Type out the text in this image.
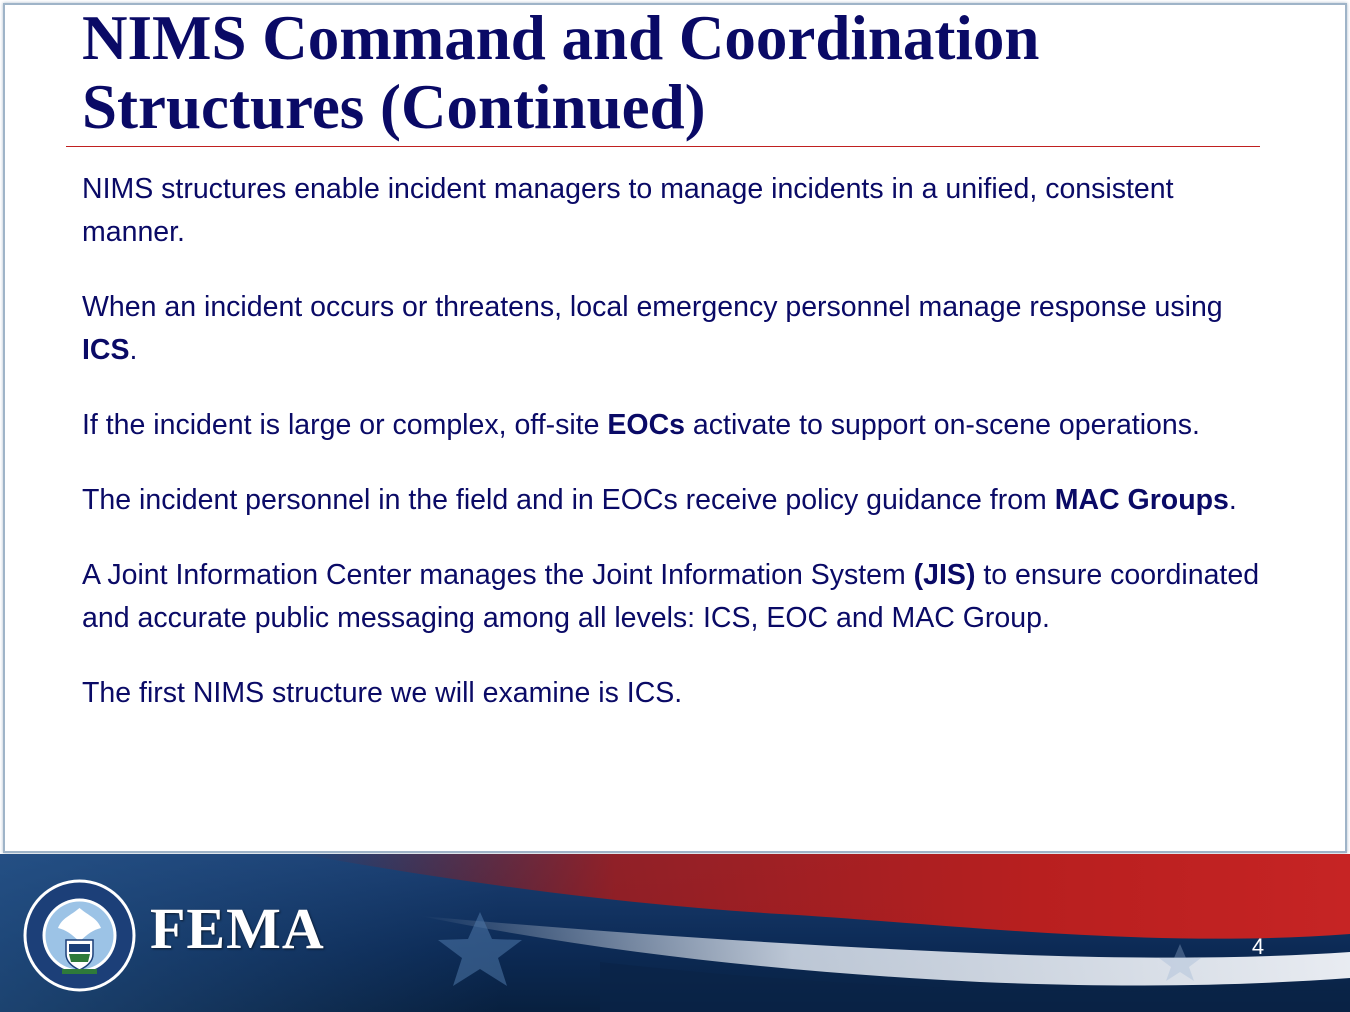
NIMS Command and Coordination Structures (Continued)

NIMS structures enable incident managers to manage incidents in a unified, consistent manner.

When an incident occurs or threatens, local emergency personnel manage response using ICS.

If the incident is large or complex, off-site EOCs activate to support on-scene operations.

The incident personnel in the field and in EOCs receive policy guidance from MAC Groups.

A Joint Information Center manages the Joint Information System (JIS) to ensure coordinated and accurate public messaging among all levels: ICS, EOC and MAC Group.

The first NIMS structure we will examine is ICS.

FEMA	4
